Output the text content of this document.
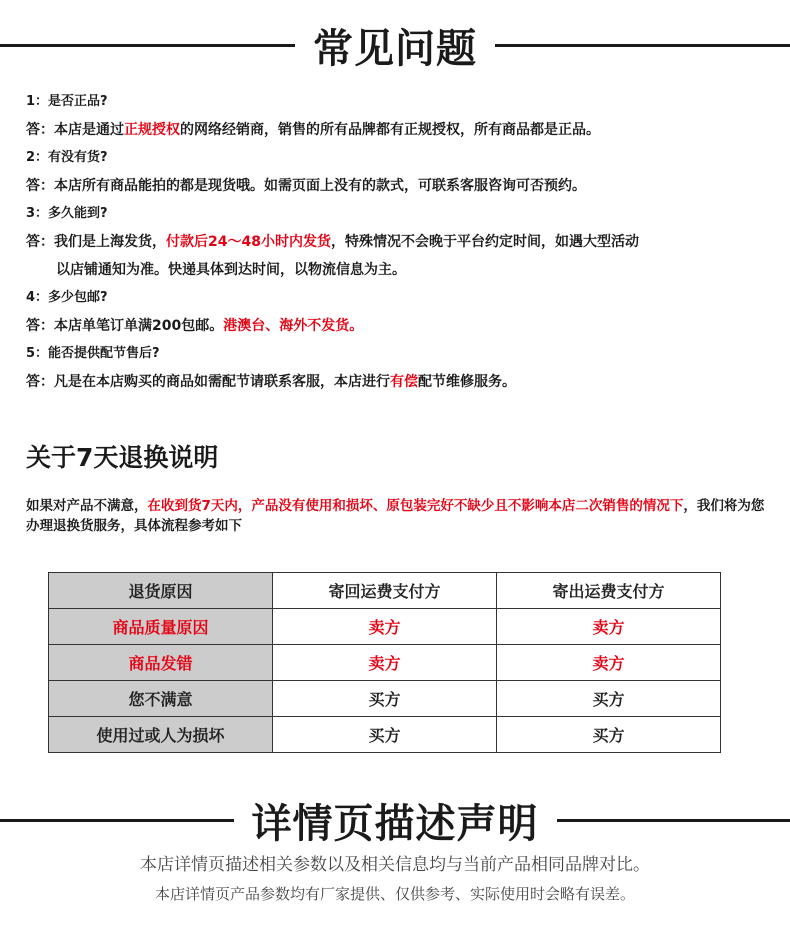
常见问题
1：是否正品?
答：本店是通过正规授权的网络经销商，销售的所有品牌都有正规授权，所有商品都是正品。
2：有没有货?
答：本店所有商品能拍的都是现货哦。如需页面上没有的款式，可联系客服咨询可否预约。
3：多久能到?
答：我们是上海发货，付款后24～48小时内发货，特殊情况不会晚于平台约定时间，如遇大型活动
以店铺通知为准。快递具体到达时间，以物流信息为主。
4：多少包邮?
答：本店单笔订单满200包邮。港澳台、海外不发货。
5：能否提供配节售后?
答：凡是在本店购买的商品如需配节请联系客服，本店进行有偿配节维修服务。
关于7天退换说明
如果对产品不满意，在收到货7天内，产品没有使用和损坏、原包装完好不缺少且不影响本店二次销售的情况下，我们将为您办理退换货服务，具体流程参考如下
退货原因	寄回运费支付方	寄出运费支付方
商品质量原因	卖方	卖方
商品发错	卖方	卖方
您不满意	买方	买方
使用过或人为损坏	买方	买方
详情页描述声明
本店详情页描述相关参数以及相关信息均与当前产品相同品牌对比。
本店详情页产品参数均有厂家提供、仅供参考、实际使用时会略有误差。
